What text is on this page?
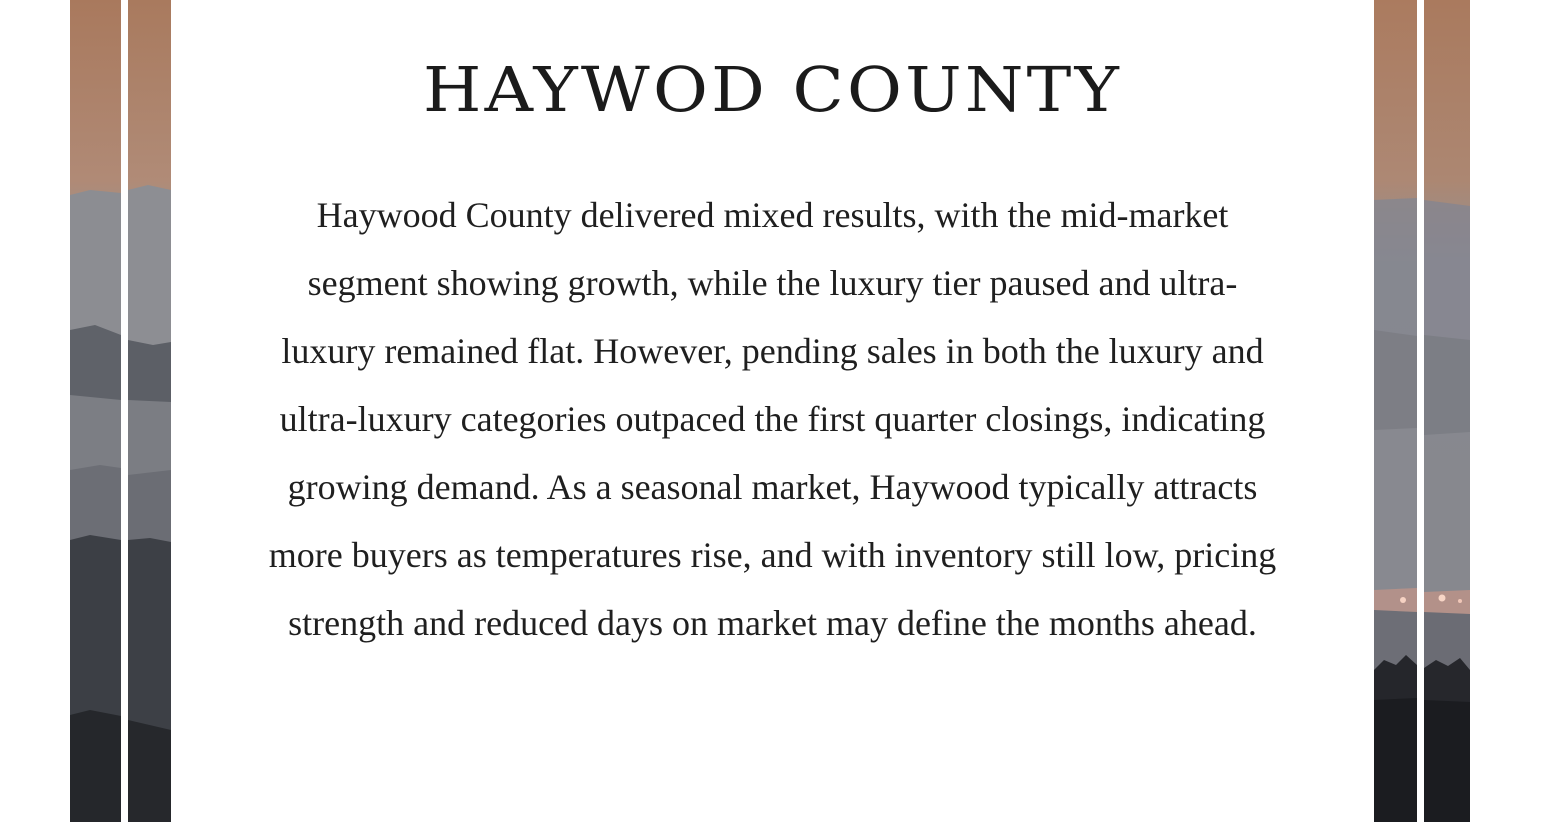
HAYWOD COUNTY

Haywood County delivered mixed results, with the mid-market segment showing growth, while the luxury tier paused and ultra-luxury remained flat. However, pending sales in both the luxury and ultra-luxury categories outpaced the first quarter closings, indicating growing demand. As a seasonal market, Haywood typically attracts more buyers as temperatures rise, and with inventory still low, pricing strength and reduced days on market may define the months ahead.
